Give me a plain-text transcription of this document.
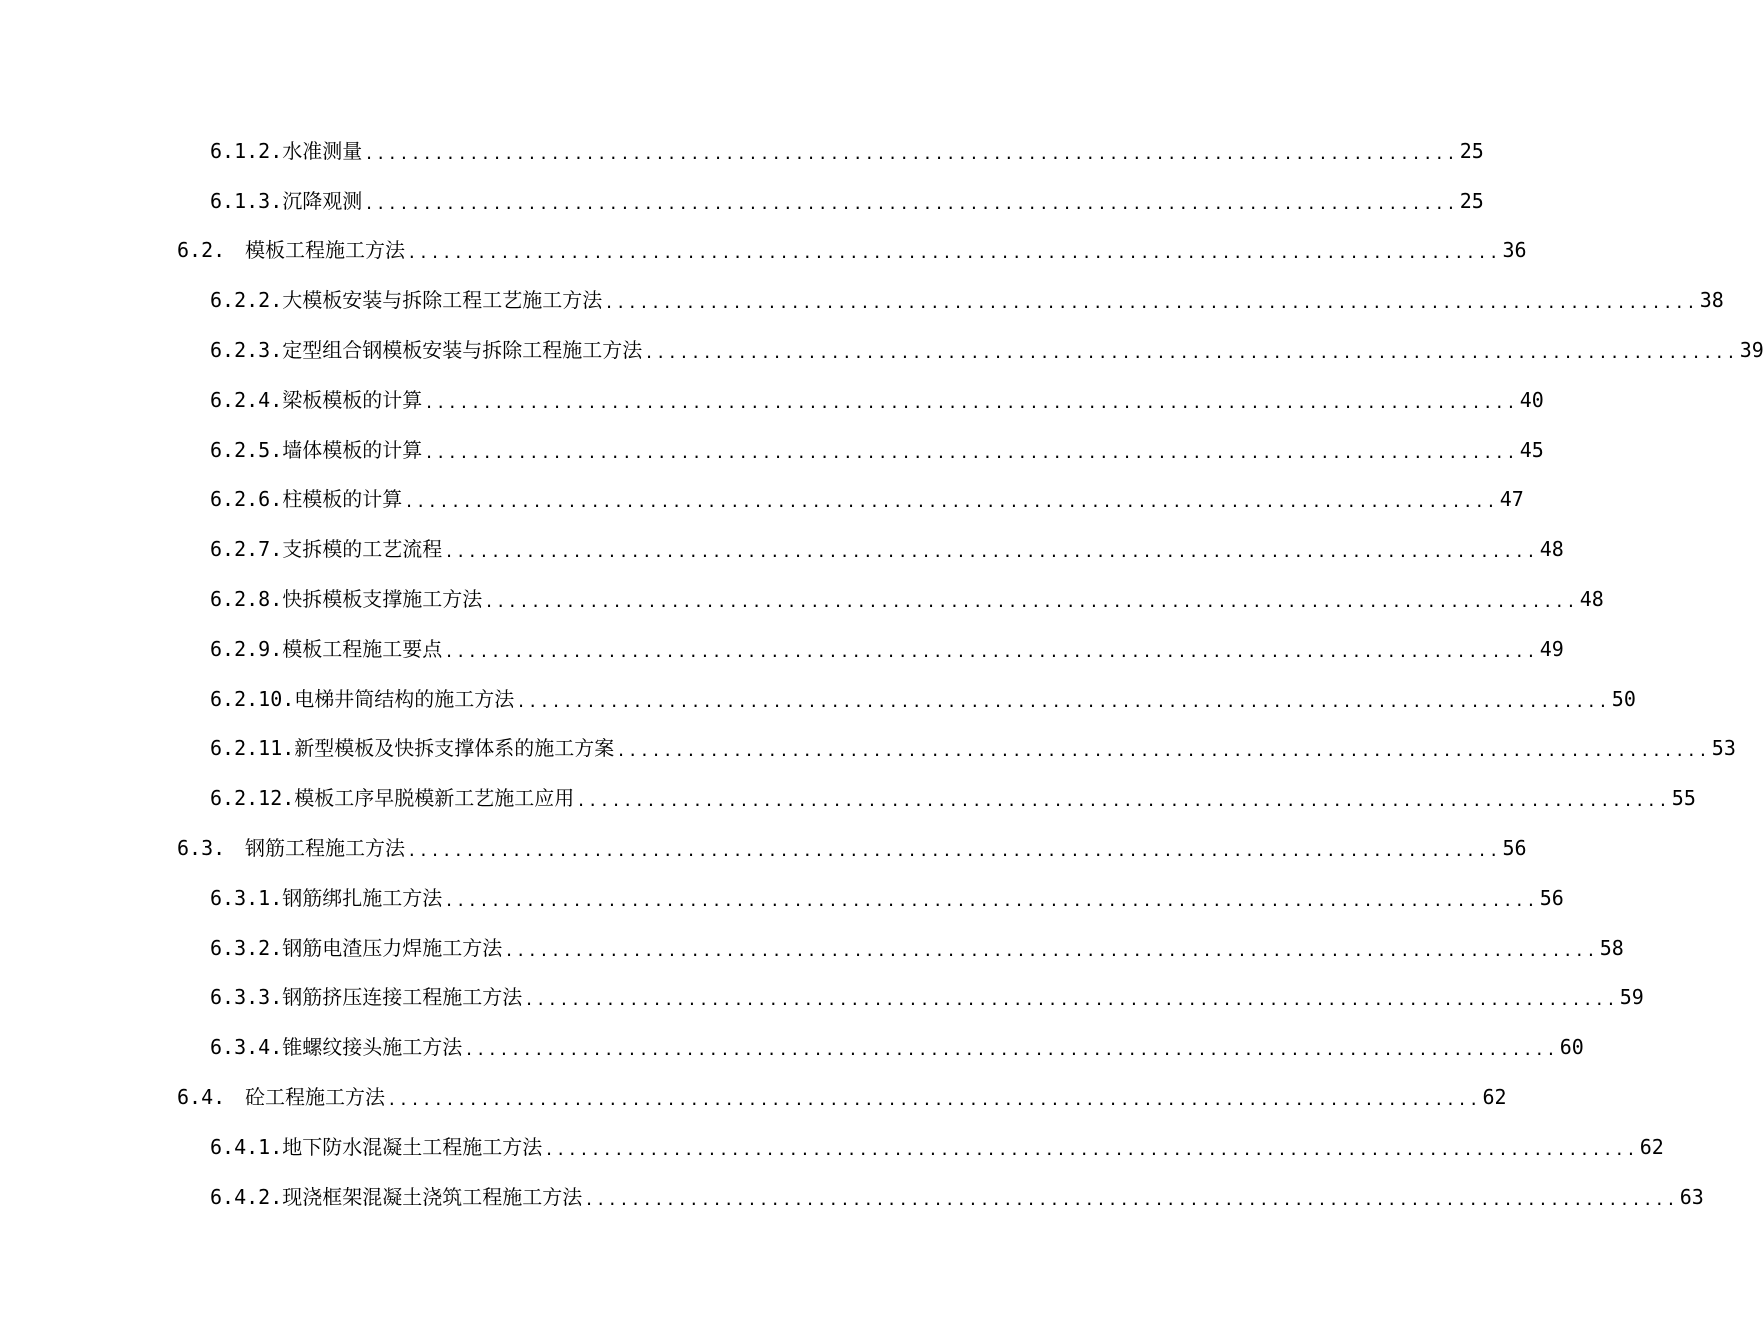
6.1.2. 水准测量 .............................................................................................. 25
6.1.3. 沉降观测 .............................................................................................. 25
6.2. 模板工程施工方法 .............................................................................................. 36
6.2.2. 大模板安装与拆除工程工艺施工方法 .............................................................................................. 38
6.2.3. 定型组合钢模板安装与拆除工程施工方法 .............................................................................................. 39
6.2.4. 梁板模板的计算 .............................................................................................. 40
6.2.5. 墙体模板的计算 .............................................................................................. 45
6.2.6. 柱模板的计算 .............................................................................................. 47
6.2.7. 支拆模的工艺流程 .............................................................................................. 48
6.2.8. 快拆模板支撑施工方法 .............................................................................................. 48
6.2.9. 模板工程施工要点 .............................................................................................. 49
6.2.10. 电梯井筒结构的施工方法 .............................................................................................. 50
6.2.11. 新型模板及快拆支撑体系的施工方案 .............................................................................................. 53
6.2.12. 模板工序早脱模新工艺施工应用 .............................................................................................. 55
6.3. 钢筋工程施工方法 .............................................................................................. 56
6.3.1. 钢筋绑扎施工方法 .............................................................................................. 56
6.3.2. 钢筋电渣压力焊施工方法 .............................................................................................. 58
6.3.3. 钢筋挤压连接工程施工方法 .............................................................................................. 59
6.3.4. 锥螺纹接头施工方法 .............................................................................................. 60
6.4. 砼工程施工方法 .............................................................................................. 62
6.4.1. 地下防水混凝土工程施工方法 .............................................................................................. 62
6.4.2. 现浇框架混凝土浇筑工程施工方法 .............................................................................................. 63
